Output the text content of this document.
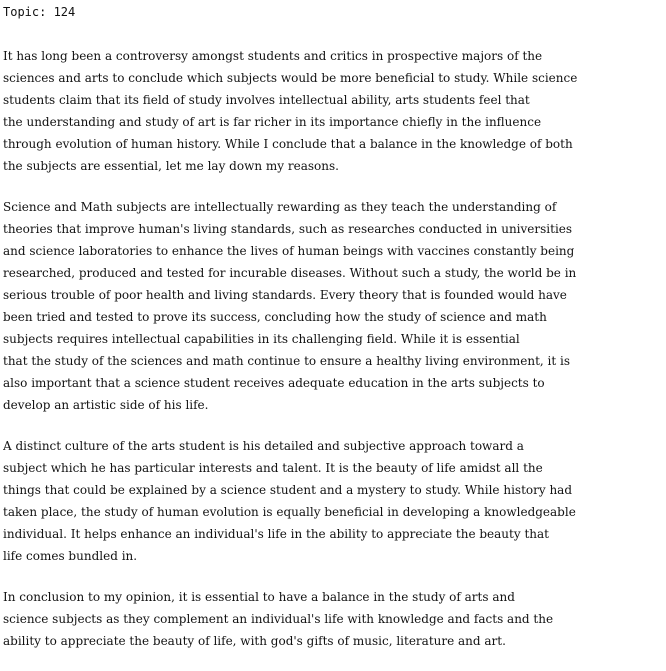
Topic: 124
It has long been a controversy amongst students and critics in prospective majors of the
sciences and arts to conclude which subjects would be more beneficial to study. While science
students claim that its field of study involves intellectual ability, arts students feel that
the understanding and study of art is far richer in its importance chiefly in the influence
through evolution of human history. While I conclude that a balance in the knowledge of both
the subjects are essential, let me lay down my reasons.
Science and Math subjects are intellectually rewarding as they teach the understanding of
theories that improve human's living standards, such as researches conducted in universities
and science laboratories to enhance the lives of human beings with vaccines constantly being
researched, produced and tested for incurable diseases. Without such a study, the world be in
serious trouble of poor health and living standards. Every theory that is founded would have
been tried and tested to prove its success, concluding how the study of science and math
subjects requires intellectual capabilities in its challenging field. While it is essential
that the study of the sciences and math continue to ensure a healthy living environment, it is
also important that a science student receives adequate education in the arts subjects to
develop an artistic side of his life.
A distinct culture of the arts student is his detailed and subjective approach toward a
subject which he has particular interests and talent. It is the beauty of life amidst all the
things that could be explained by a science student and a mystery to study. While history had
taken place, the study of human evolution is equally beneficial in developing a knowledgeable
individual. It helps enhance an individual's life in the ability to appreciate the beauty that
life comes bundled in.
In conclusion to my opinion, it is essential to have a balance in the study of arts and
science subjects as they complement an individual's life with knowledge and facts and the
ability to appreciate the beauty of life, with god's gifts of music, literature and art.
